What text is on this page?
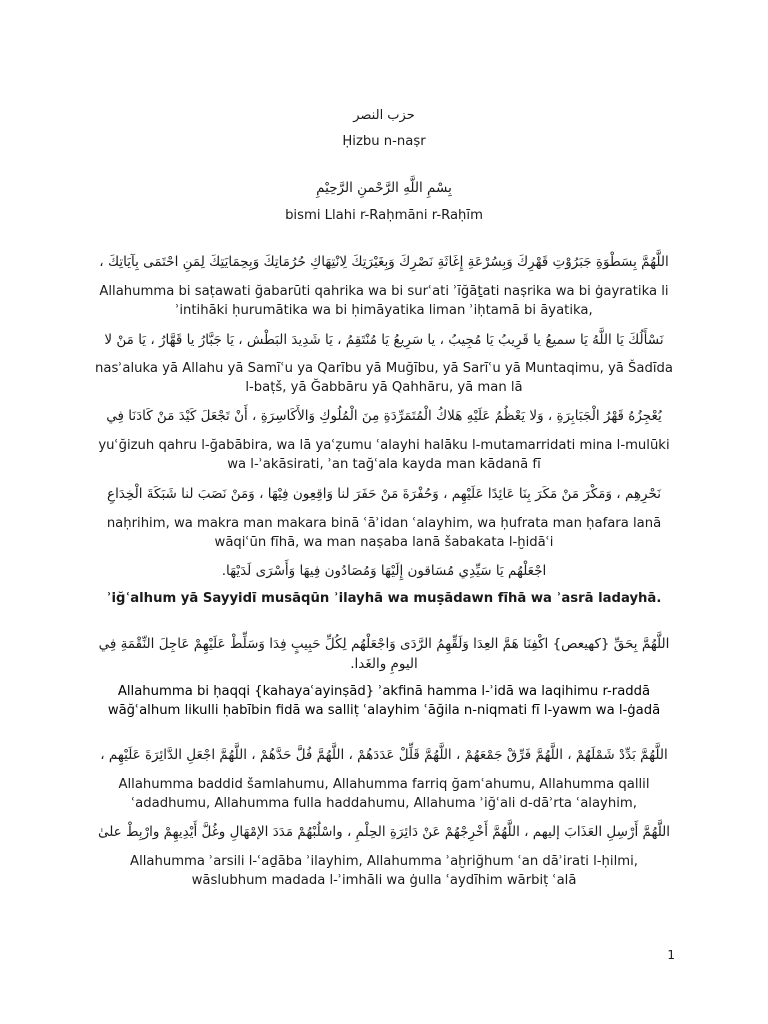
حزب النصر
Ḥizbu n-naṣr
بِسْمِ اللَّهِ الرَّحْمنِ الرَّحِيْمِ
bismi Llahi r-Raḥmāni r-Raḥīm
اللَّهُمَّ بِسَطْوَةِ جَبَرُوْتِ قَهْرِكَ وَبِسُرْعَةِ إِغَاثَةِ نَصْرِكَ وَبِغَيْرَتِكَ لِانْتِهَاكِ حُرُمَاتِكَ وَبِحِمَايَتِكَ لِمَنِ احْتَمَى بِآيَاتِكَ ،
Allahumma bi saṭawati ğabarūti qahrika wa bi surʿati ʾīğāṯati naṣrika wa bi ġayratika li ʾintihāki ḥurumātika wa bi ḥimāyatika liman ʾiḥtamā bi āyatika,
نَسْأَلُكَ يَا اللَّهُ يَا سميعُ يا قَرِيبُ يَا مُجِيبُ ، يا سَرِيعُ يَا مُنْتَقِمُ ، يَا شَدِيدَ البَطْش ، يَا جَبَّارُ يا قَهَّارُ ، يَا مَنْ لا
nasʾaluka yā Allahu yā Samīʿu ya Qarību yā Muğību, yā Sarīʿu yā Muntaqimu, yā Šadīda l-baṭš, yā Ğabbāru yā Qahhāru, yā man lā
يُعْجِزُهُ قَهْرُ الْجَبَابِرَةِ ، وَلا يَعْظُمُ عَلَيْهِ هَلاكُ الْمُتَمَرِّدَةِ مِنَ الْمُلُوكِ وَالأَكَاسِرَةِ ، أَنْ تَجْعَلَ كَيْدَ مَنْ كَادَنَا فِي
yuʿğizuh qahru l-ğabābira, wa lā yaʿẓumu ʿalayhi halāku l-mutamarridati mina l-mulūki wa l-ʾakāsirati, ʾan tağʿala kayda man kādanā fī
نَحْرِهِم ، وَمَكْرَ مَنْ مَكَرَ بِنَا عَائِدًا عَلَيْهِم ، وَحُفْرَةَ مَنْ حَفَرَ لنا وَاقِعِون فِيْهَا ، وَمَنْ نَصَبَ لنا شَبَكَةَ الْخِدَاعِ
naḥrihim, wa makra man makara binā ʿāʾidan ʿalayhim, wa ḥufrata man ḥafara lanā wāqiʿūn fīhā, wa man naṣaba lanā šabakata l-ḫidāʿi
اجْعَلْهُم يَا سَيِّدِي مُسَاقون إِلَيْهَا وَمُصَادُون فِيهَا وَأَسْرَى لَدَيْهَا.
ʾiğʿalhum yā Sayyidī musāqūn ʾilayhā wa muṣādawn fīhā wa ʾasrā ladayhā.
اللَّهُمَّ بِحَقِّ {كهيعص} اكْفِنَا هَمَّ العِدَا وَلَقِّهِمُ الرَّدَى وَاجْعَلْهُم لِكُلِّ حَبِيبٍ فِدَا وَسَلِّطْ عَلَيْهِمْ عَاجِلَ النِّقْمَةِ فِي اليومِ والغَدا.
Allahumma bi ḥaqqi {kahayaʿayinṣād} ʾakfinā hamma l-ʾidā wa laqihimu r-raddā wāğʿalhum likulli ḥabībin fidā wa salliṭ ʿalayhim ʿāğila n-niqmati fī l-yawm wa l-ġadā
اللَّهُمَّ بَدِّدْ شَمْلَهُمْ ، اللَّهُمَّ فَرِّقْ جَمْعَهُمْ ، اللَّهُمَّ قَلِّلْ عَدَدَهُمْ ، اللَّهُمَّ فُلَّ حَدَّهُمْ ، اللَّهُمَّ اجْعَلِ الدَّائِرَةَ عَلَيْهِم ،
Allahumma baddid šamlahumu, Allahumma farriq ğamʿahumu, Allahumma qallil ʿadadhumu, Allahumma fulla haddahumu, Allahuma ʾiğʿali d-dāʾrta ʿalayhim,
اللَّهُمَّ أَرْسِلِ العَذَابَ إليهم ، اللَّهُمَّ أَخْرِجْهُمْ عَنْ دَائِرَةِ الحِلْمِ ، واسْلُبْهُمْ مَدَدَ الإمْهَالِ وغُلَّ أَيْدِيهِمْ وارْبِطْ علىٰ
Allahumma ʾarsili l-ʿaḏāba ʾilayhim, Allahumma ʾaḫriğhum ʿan dāʾirati l-ḥilmi, wāslubhum madada l-ʾimhāli wa ġulla ʿaydīhim wārbiṭ ʿalā
1
